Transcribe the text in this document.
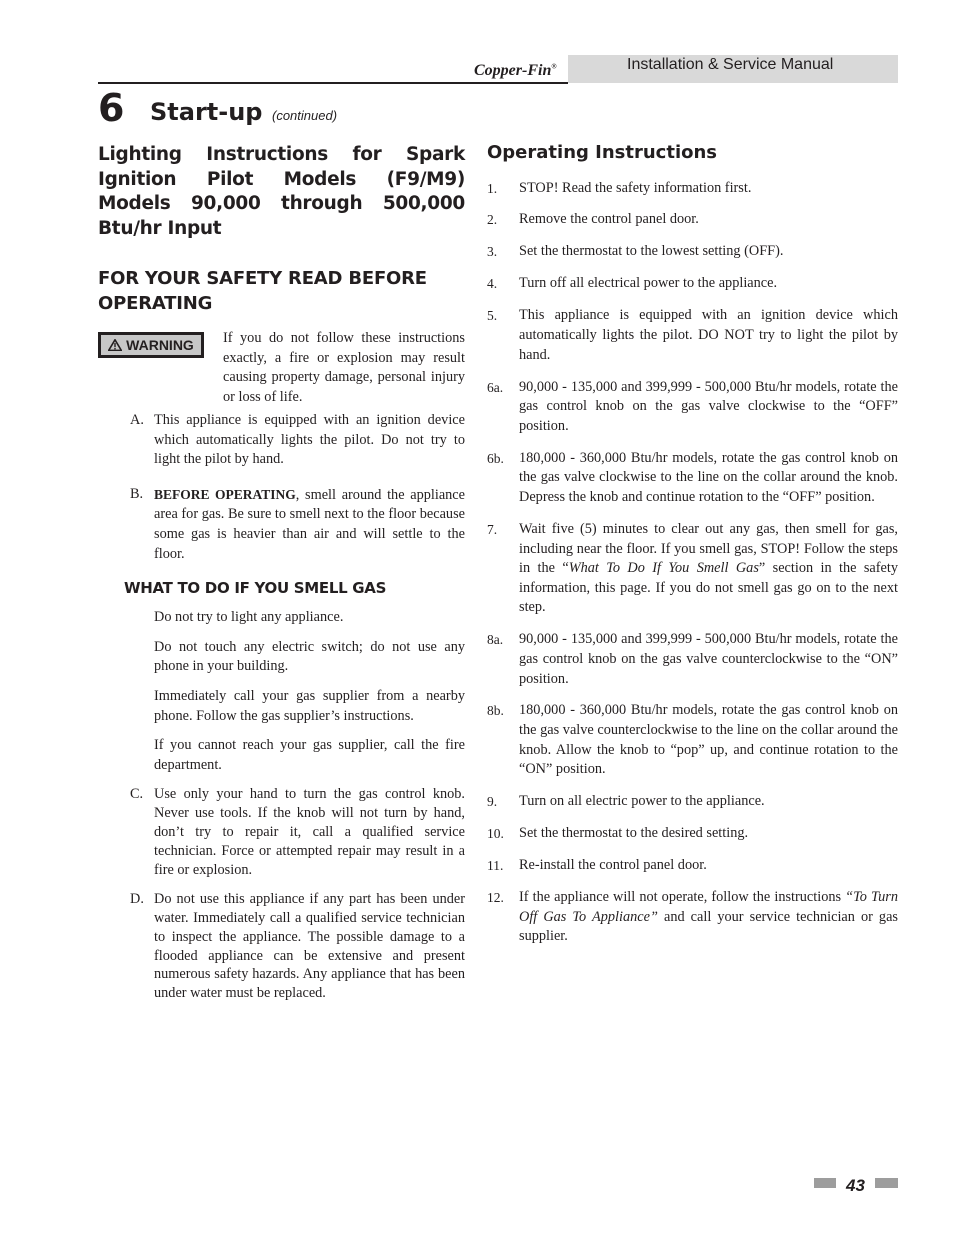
Copper-Fin®	Installation & Service Manual
6 Start-up (continued)
Lighting Instructions for Spark Ignition Pilot Models (F9/M9) Models 90,000 through 500,000 Btu/hr Input
FOR YOUR SAFETY READ BEFORE OPERATING
WARNING If you do not follow these instructions exactly, a fire or explosion may result causing property damage, personal injury or loss of life.

A. This appliance is equipped with an ignition device which automatically lights the pilot. Do not try to light the pilot by hand.

B. BEFORE OPERATING, smell around the appliance area for gas. Be sure to smell next to the floor because some gas is heavier than air and will settle to the floor.

WHAT TO DO IF YOU SMELL GAS

Do not try to light any appliance.

Do not touch any electric switch; do not use any phone in your building.

Immediately call your gas supplier from a nearby phone. Follow the gas supplier’s instructions.

If you cannot reach your gas supplier, call the fire department.

C. Use only your hand to turn the gas control knob. Never use tools. If the knob will not turn by hand, don’t try to repair it, call a qualified service technician. Force or attempted repair may result in a fire or explosion.

D. Do not use this appliance if any part has been under water. Immediately call a qualified service technician to inspect the appliance. The possible damage to a flooded appliance can be extensive and present numerous safety hazards. Any appliance that has been under water must be replaced.

Operating Instructions
1. STOP! Read the safety information first.

2. Remove the control panel door.

3. Set the thermostat to the lowest setting (OFF).

4. Turn off all electrical power to the appliance.

5. This appliance is equipped with an ignition device which automatically lights the pilot. DO NOT try to light the pilot by hand.

6a. 90,000 - 135,000 and 399,999 - 500,000 Btu/hr models, rotate the gas control knob on the gas valve clockwise to the “OFF” position.

6b. 180,000 - 360,000 Btu/hr models, rotate the gas control knob on the gas valve clockwise to the line on the collar around the knob. Depress the knob and continue rotation to the “OFF” position.

7. Wait five (5) minutes to clear out any gas, then smell for gas, including near the floor. If you smell gas, STOP! Follow the steps in the “What To Do If You Smell Gas” section in the safety information, this page. If you do not smell gas go on to the next step.

8a. 90,000 - 135,000 and 399,999 - 500,000 Btu/hr models, rotate the gas control knob on the gas valve counterclockwise to the “ON” position.

8b. 180,000 - 360,000 Btu/hr models, rotate the gas control knob on the gas valve counterclockwise to the line on the collar around the knob. Allow the knob to “pop” up, and continue rotation to the “ON” position.

9. Turn on all electric power to the appliance.

10. Set the thermostat to the desired setting.

11. Re-install the control panel door.

12. If the appliance will not operate, follow the instructions “To Turn Off Gas To Appliance” and call your service technician or gas supplier.

43
